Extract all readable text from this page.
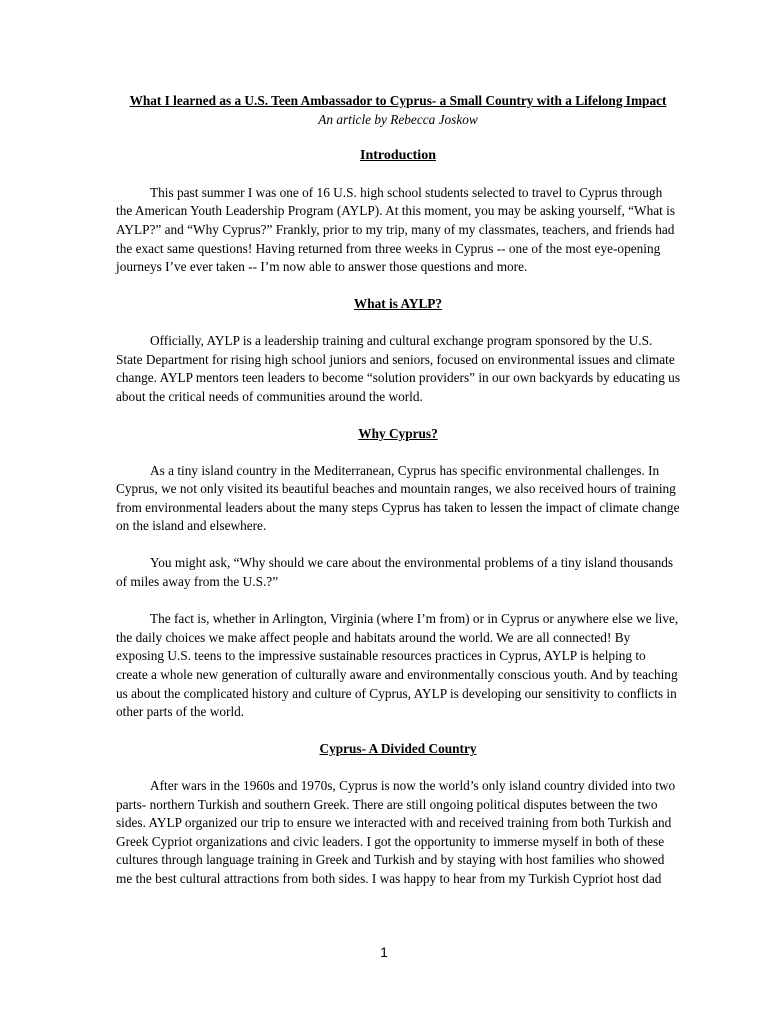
What I learned as a U.S. Teen Ambassador to Cyprus- a Small Country with a Lifelong Impact

An article by Rebecca Joskow

Introduction

This past summer I was one of 16 U.S. high school students selected to travel to Cyprus through the American Youth Leadership Program (AYLP). At this moment, you may be asking yourself, “What is AYLP?” and “Why Cyprus?” Frankly, prior to my trip, many of my classmates, teachers, and friends had the exact same questions! Having returned from three weeks in Cyprus -- one of the most eye-opening journeys I’ve ever taken -- I’m now able to answer those questions and more.

What is AYLP?

Officially, AYLP is a leadership training and cultural exchange program sponsored by the U.S. State Department for rising high school juniors and seniors, focused on environmental issues and climate change. AYLP mentors teen leaders to become “solution providers” in our own backyards by educating us about the critical needs of communities around the world.

Why Cyprus?

As a tiny island country in the Mediterranean, Cyprus has specific environmental challenges. In Cyprus, we not only visited its beautiful beaches and mountain ranges, we also received hours of training from environmental leaders about the many steps Cyprus has taken to lessen the impact of climate change on the island and elsewhere.

You might ask, “Why should we care about the environmental problems of a tiny island thousands of miles away from the U.S.?”

The fact is, whether in Arlington, Virginia (where I’m from) or in Cyprus or anywhere else we live, the daily choices we make affect people and habitats around the world. We are all connected! By exposing U.S. teens to the impressive sustainable resources practices in Cyprus, AYLP is helping to create a whole new generation of culturally aware and environmentally conscious youth. And by teaching us about the complicated history and culture of Cyprus, AYLP is developing our sensitivity to conflicts in other parts of the world.

Cyprus- A Divided Country

After wars in the 1960s and 1970s, Cyprus is now the world’s only island country divided into two parts- northern Turkish and southern Greek. There are still ongoing political disputes between the two sides. AYLP organized our trip to ensure we interacted with and received training from both Turkish and Greek Cypriot organizations and civic leaders. I got the opportunity to immerse myself in both of these cultures through language training in Greek and Turkish and by staying with host families who showed me the best cultural attractions from both sides. I was happy to hear from my Turkish Cypriot host dad

1
